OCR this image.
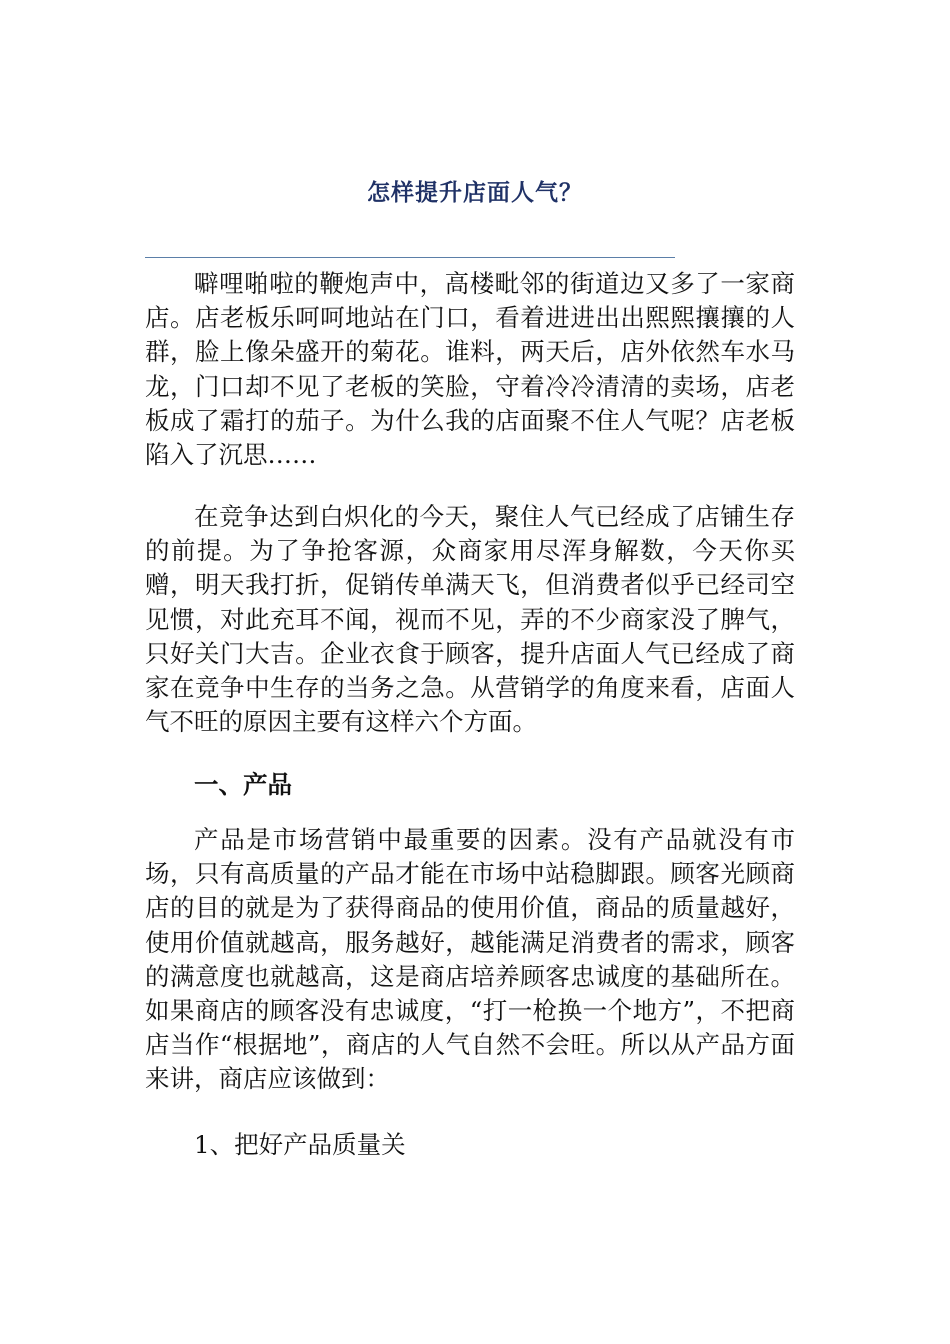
怎样提升店面人气？

噼哩啪啦的鞭炮声中，高楼毗邻的街道边又多了一家商店。店老板乐呵呵地站在门口，看着进进出出熙熙攘攘的人群，脸上像朵盛开的菊花。谁料，两天后，店外依然车水马龙，门口却不见了老板的笑脸，守着冷冷清清的卖场，店老板成了霜打的茄子。为什么我的店面聚不住人气呢？店老板陷入了沉思……

在竞争达到白炽化的今天，聚住人气已经成了店铺生存的前提。为了争抢客源，众商家用尽浑身解数，今天你买赠，明天我打折，促销传单满天飞，但消费者似乎已经司空见惯，对此充耳不闻，视而不见，弄的不少商家没了脾气，只好关门大吉。企业衣食于顾客，提升店面人气已经成了商家在竞争中生存的当务之急。从营销学的角度来看，店面人气不旺的原因主要有这样六个方面。

一、产品

产品是市场营销中最重要的因素。没有产品就没有市场，只有高质量的产品才能在市场中站稳脚跟。顾客光顾商店的目的就是为了获得商品的使用价值，商品的质量越好，使用价值就越高，服务越好，越能满足消费者的需求，顾客的满意度也就越高，这是商店培养顾客忠诚度的基础所在。如果商店的顾客没有忠诚度，“打一枪换一个地方”，不把商店当作“根据地”，商店的人气自然不会旺。所以从产品方面来讲，商店应该做到：

1、把好产品质量关
